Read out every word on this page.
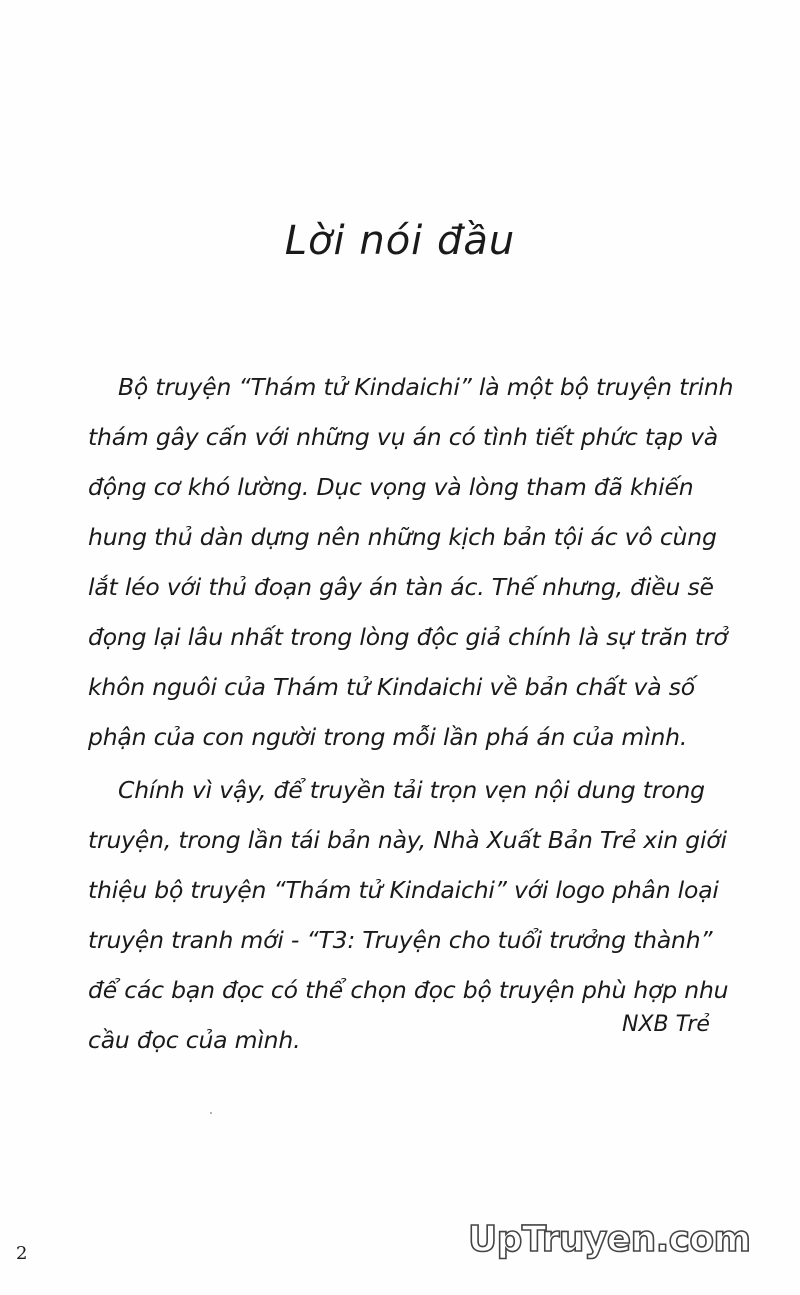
Lời nói đầu
Bộ truyện “Thám tử Kindaichi” là một bộ truyện trinh
thám gây cấn với những vụ án có tình tiết phức tạp và
động cơ khó lường. Dục vọng và lòng tham đã khiến
hung thủ dàn dựng nên những kịch bản tội ác vô cùng
lắt léo với thủ đoạn gây án tàn ác. Thế nhưng, điều sẽ
đọng lại lâu nhất trong lòng độc giả chính là sự trăn trở
khôn nguôi của Thám tử Kindaichi về bản chất và số
phận của con người trong mỗi lần phá án của mình.
Chính vì vậy, để truyền tải trọn vẹn nội dung trong
truyện, trong lần tái bản này, Nhà Xuất Bản Trẻ xin giới
thiệu bộ truyện “Thám tử Kindaichi” với logo phân loại
truyện tranh mới - “T3: Truyện cho tuổi trưởng thành”
để các bạn đọc có thể chọn đọc bộ truyện phù hợp nhu
cầu đọc của mình.
NXB Trẻ
2	UpTruyen.com
